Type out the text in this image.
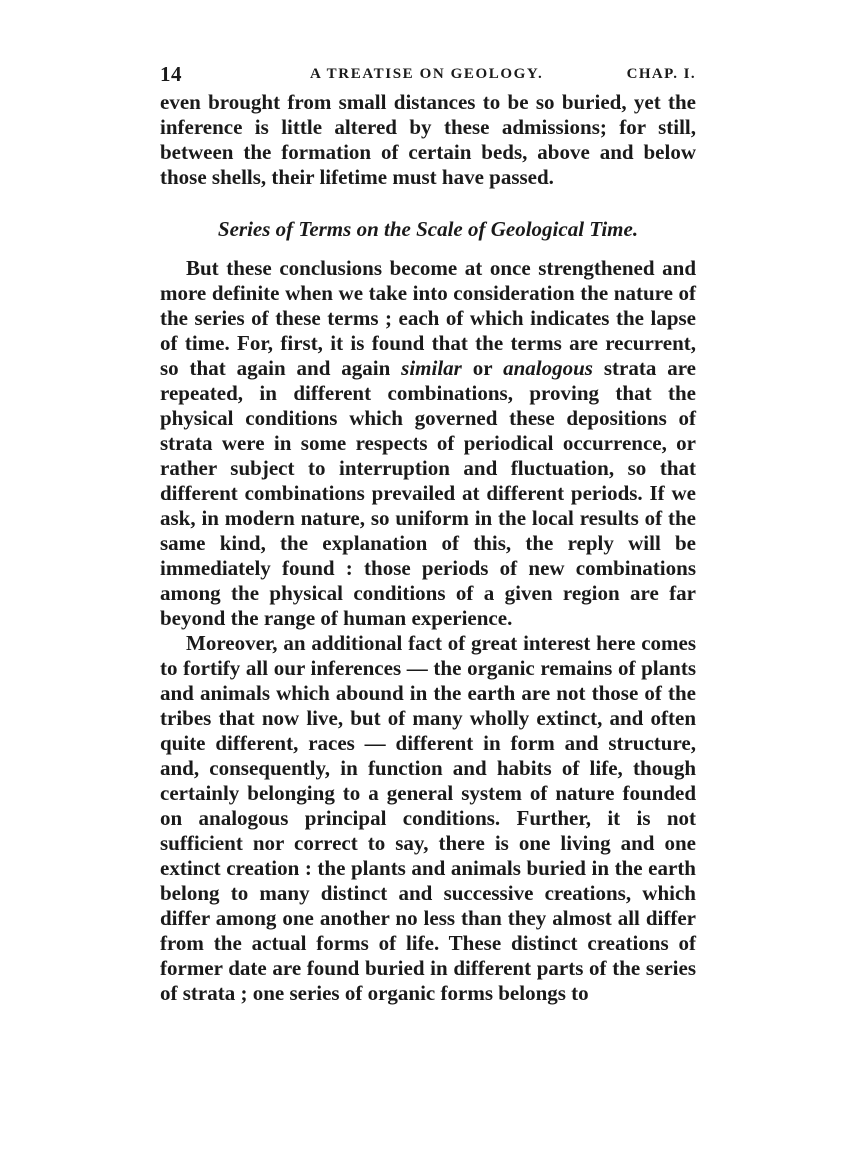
14	A TREATISE ON GEOLOGY.	CHAP. I.

even brought from small distances to be so buried, yet the inference is little altered by these admissions; for still, between the formation of certain beds, above and below those shells, their lifetime must have passed.

Series of Terms on the Scale of Geological Time.

But these conclusions become at once strengthened and more definite when we take into consideration the nature of the series of these terms ; each of which indicates the lapse of time. For, first, it is found that the terms are recurrent, so that again and again similar or analogous strata are repeated, in different combinations, proving that the physical conditions which governed these depositions of strata were in some respects of periodical occurrence, or rather subject to interruption and fluctuation, so that different combinations prevailed at different periods. If we ask, in modern nature, so uniform in the local results of the same kind, the explanation of this, the reply will be immediately found : those periods of new combinations among the physical conditions of a given region are far beyond the range of human experience.

Moreover, an additional fact of great interest here comes to fortify all our inferences — the organic remains of plants and animals which abound in the earth are not those of the tribes that now live, but of many wholly extinct, and often quite different, races — different in form and structure, and, consequently, in function and habits of life, though certainly belonging to a general system of nature founded on analogous principal conditions. Further, it is not sufficient nor correct to say, there is one living and one extinct creation : the plants and animals buried in the earth belong to many distinct and successive creations, which differ among one another no less than they almost all differ from the actual forms of life. These distinct creations of former date are found buried in different parts of the series of strata ; one series of organic forms belongs to
